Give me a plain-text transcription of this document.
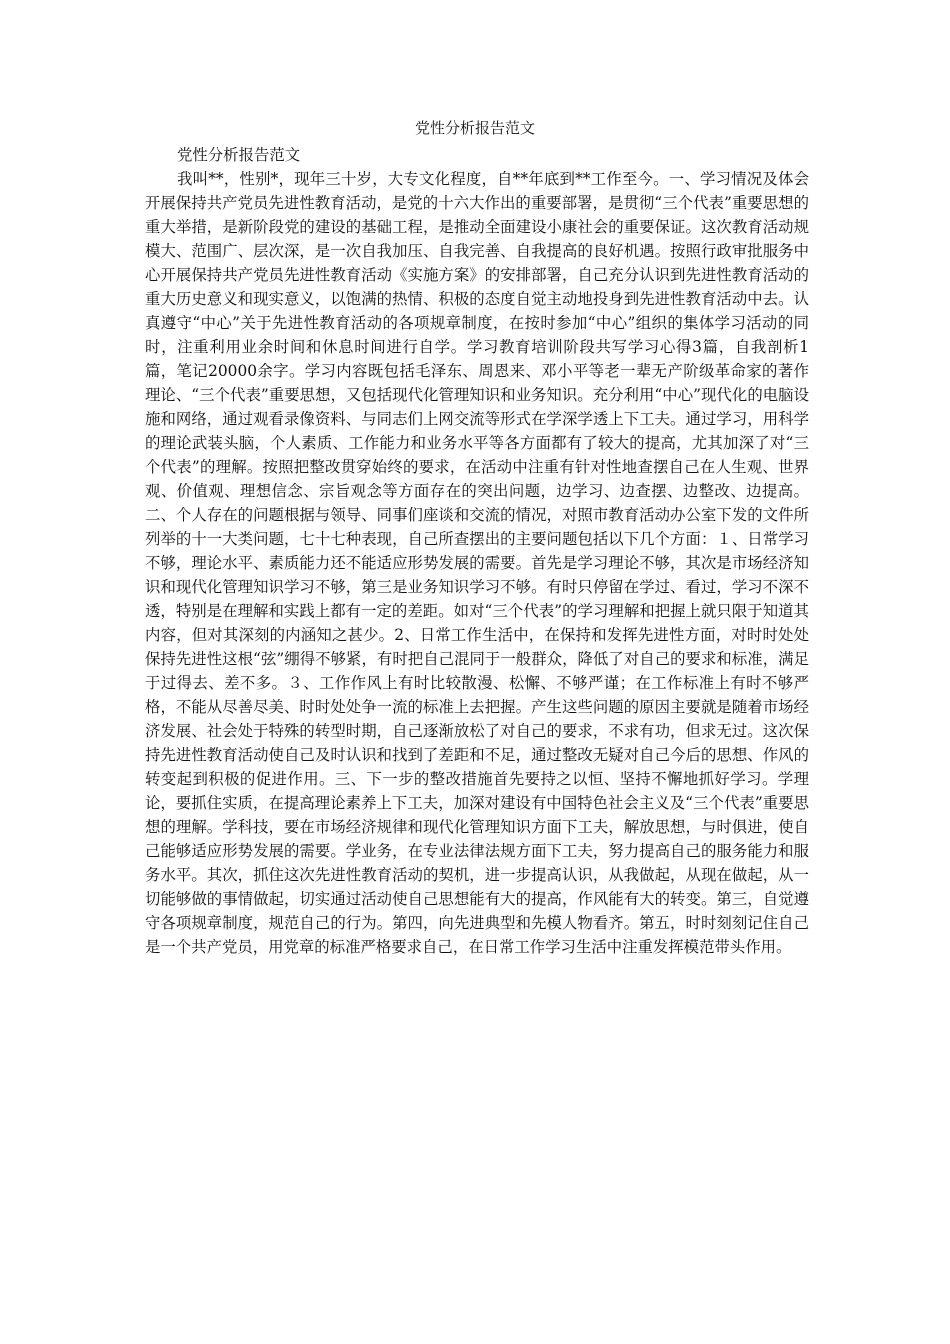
党性分析报告范文

党性分析报告范文

我叫**，性别*，现年三十岁，大专文化程度，自**年底到**工作至今。一、学习情况及体会开展保持共产党员先进性教育活动，是党的十六大作出的重要部署，是贯彻“三个代表”重要思想的重大举措，是新阶段党的建设的基础工程，是推动全面建设小康社会的重要保证。这次教育活动规模大、范围广、层次深，是一次自我加压、自我完善、自我提高的良好机遇。按照行政审批服务中心开展保持共产党员先进性教育活动《实施方案》的安排部署，自己充分认识到先进性教育活动的重大历史意义和现实意义，以饱满的热情、积极的态度自觉主动地投身到先进性教育活动中去。认真遵守“中心”关于先进性教育活动的各项规章制度，在按时参加“中心”组织的集体学习活动的同时，注重利用业余时间和休息时间进行自学。学习教育培训阶段共写学习心得3篇，自我剖析1篇，笔记20000余字。学习内容既包括毛泽东、周恩来、邓小平等老一辈无产阶级革命家的著作理论、“三个代表”重要思想，又包括现代化管理知识和业务知识。充分利用“中心”现代化的电脑设施和网络，通过观看录像资料、与同志们上网交流等形式在学深学透上下工夫。通过学习，用科学的理论武装头脑，个人素质、工作能力和业务水平等各方面都有了较大的提高，尤其加深了对“三个代表”的理解。按照把整改贯穿始终的要求，在活动中注重有针对性地查摆自己在人生观、世界观、价值观、理想信念、宗旨观念等方面存在的突出问题，边学习、边查摆、边整改、边提高。二、个人存在的问题根据与领导、同事们座谈和交流的情况，对照市教育活动办公室下发的文件所列举的十一大类问题，七十七种表现，自己所查摆出的主要问题包括以下几个方面：１、日常学习不够，理论水平、素质能力还不能适应形势发展的需要。首先是学习理论不够，其次是市场经济知识和现代化管理知识学习不够，第三是业务知识学习不够。有时只停留在学过、看过，学习不深不透，特别是在理解和实践上都有一定的差距。如对“三个代表”的学习理解和把握上就只限于知道其内容，但对其深刻的内涵知之甚少。2、日常工作生活中，在保持和发挥先进性方面，对时时处处保持先进性这根“弦”绷得不够紧，有时把自己混同于一般群众，降低了对自己的要求和标准，满足于过得去、差不多。３、工作作风上有时比较散漫、松懈、不够严谨；在工作标准上有时不够严格，不能从尽善尽美、时时处处争一流的标准上去把握。产生这些问题的原因主要就是随着市场经济发展、社会处于特殊的转型时期，自己逐渐放松了对自己的要求，不求有功，但求无过。这次保持先进性教育活动使自己及时认识和找到了差距和不足，通过整改无疑对自己今后的思想、作风的转变起到积极的促进作用。三、下一步的整改措施首先要持之以恒、坚持不懈地抓好学习。学理论，要抓住实质，在提高理论素养上下工夫，加深对建设有中国特色社会主义及“三个代表”重要思想的理解。学科技，要在市场经济规律和现代化管理知识方面下工夫，解放思想，与时俱进，使自己能够适应形势发展的需要。学业务，在专业法律法规方面下工夫，努力提高自己的服务能力和服务水平。其次，抓住这次先进性教育活动的契机，进一步提高认识，从我做起，从现在做起，从一切能够做的事情做起，切实通过活动使自己思想能有大的提高，作风能有大的转变。第三，自觉遵守各项规章制度，规范自己的行为。第四，向先进典型和先模人物看齐。第五，时时刻刻记住自己是一个共产党员，用党章的标准严格要求自己，在日常工作学习生活中注重发挥模范带头作用。
